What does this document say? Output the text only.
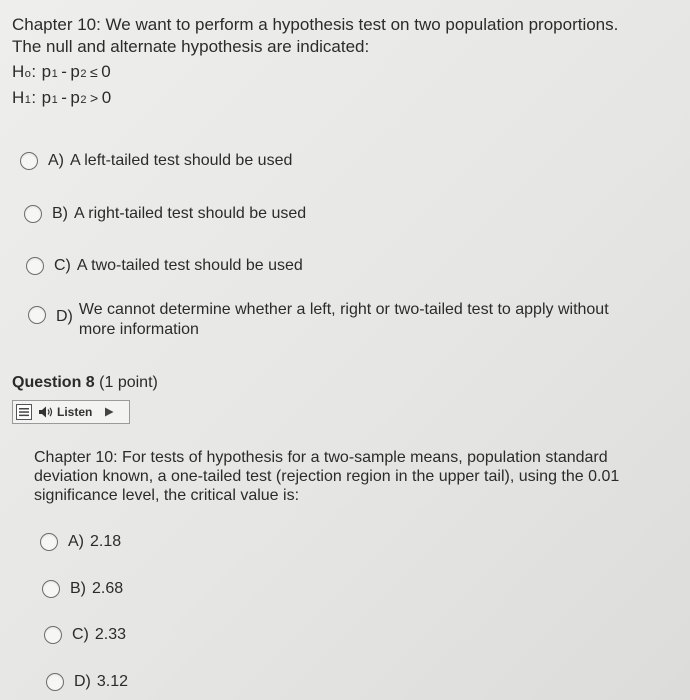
Chapter 10: We want to perform a hypothesis test on two population proportions.
The null and alternate hypothesis are indicated:
H o : p 1 - p 2 ≤ 0
H 1 : p 1 - p 2 > 0
A) A left-tailed test should be used
B) A right-tailed test should be used
C) A two-tailed test should be used
D) We cannot determine whether a left, right or two-tailed test to apply without
more information
Question 8 (1 point)
Listen
Chapter 10: For tests of hypothesis for a two-sample means, population standard
deviation known, a one-tailed test (rejection region in the upper tail), using the 0.01
significance level, the critical value is:
A) 2.18
B) 2.68
C) 2.33
D) 3.12
